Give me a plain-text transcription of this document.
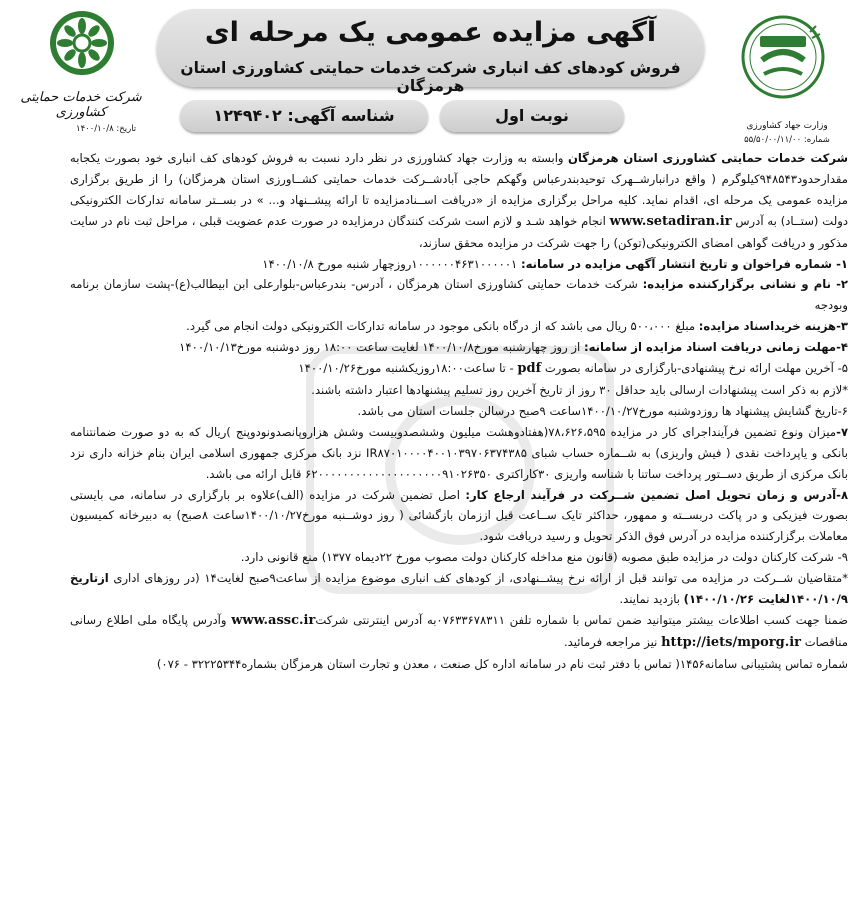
شرکت خدمات حمایتی کشاورزی
تاریخ: ۱۴۰۰/۱۰/۸
آگهی مزایده عمومی یک مرحله ای
فروش کودهای کف انباری شرکت خدمات حمایتی کشاورزی استان هرمزگان
نوبت اول
شناسه آگهی: ۱۲۴۹۴۰۲
وزارت جهاد کشاورزی
شماره: ۵۵/۵۰/۰۰/۱۱/۰۰

شرکت خدمات حمایتی کشاورزی استان هرمزگان وابسته به وزارت جهاد کشاورزی در نظر دارد نسبت به فروش کودهای کف انباری خود بصورت یکجابه مقدارحدود۹۴۸۵۴۳کیلوگرم ( واقع درانبارشــهرک توحیدبندرعباس وگهکم حاجی آبادشــرکت خدمات حمایتی کشــاورزی استان هرمزگان) را از طریق برگزاری مزایده عمومی یک مرحله ای، اقدام نماید. کلیه مراحل برگزاری مزایده از «دریافت اســنادمزایده تا ارائه پیشــنهاد و... » در بســتر سامانه تدارکات الکترونیکی دولت (ستــاد) به آدرس www.setadiran.ir انجام خواهد شـد و لازم است شرکت کنندگان درمزایده در صورت عدم عضویت قبلی ، مراحل ثبت نام در سایت مذکور و دریافت گواهی امضای الکترونیکی(توکن) را جهت شرکت در مزایده محقق سازند،

۱- شماره فراخوان و تاریخ انتشار آگهی مزایده در سامانه: ۱۰۰۰۰۰۰۴۶۳۱۰۰۰۰۰۱روزچهار شنبه مورخ ۱۴۰۰/۱۰/۸

۲- نام و نشانی برگزارکننده مزایده: شرکت خدمات حمایتی کشاورزی استان هرمزگان ، آدرس- بندرعباس-بلوارعلی ابن ابیطالب(ع)-پشت سازمان برنامه وبودجه

۳-هزینه خریداسناد مزایده: مبلغ ۵۰۰،۰۰۰ ریال می باشد که از درگاه بانکی موجود در سامانه تدارکات الکترونیکی دولت انجام می گیرد.

۴-مهلت زمانی دریافت اسناد مزایده از سامانه: از روز چهارشنبه مورخ۱۴۰۰/۱۰/۸ لغایت ساعت ۱۸:۰۰ روز دوشنبه مورخ۱۴۰۰/۱۰/۱۳

۵- آخرین مهلت ارائه نرخ پیشنهادی-بارگزاری در سامانه بصورت pdf - تا ساعت۱۸:۰۰روزیکشنبه مورخ۱۴۰۰/۱۰/۲۶

*لازم به ذکر است پیشنهادات ارسالی باید حداقل ۳۰ روز از تاریخ آخرین روز تسلیم پیشنهادها اعتبار داشته باشند.

۶-تاریخ گشایش پیشنهاد ها روزدوشنبه مورخ۱۴۰۰/۱۰/۲۷ساعت ۹صبح درسالن جلسات استان می باشد.

۷-میزان ونوع تضمین فرآینداجرای کار در مزایده ۷۸،۶۲۶،۵۹۵(هفتادوهشت میلیون وششصدوبیست وشش هزاروپانصدونودوپنج )ریال که به دو صورت ضمانتنامه بانکی و یاپرداخت نقدی ( فیش واریزی) به شــماره حساب شبای IR۸۷۰۱۰۰۰۰۴۰۰۱۰۳۹۷۰۶۳۷۴۳۸۵ نزد بانک مرکزی جمهوری اسلامی ایران بنام خزانه داری نزد بانک مرکزی از طریق دســتور پرداخت ساتنا با شناسه واریزی ۳۰کاراکتری ۶۲۰۰۰۰۰۰۰۰۰۰۰۰۰۰۰۰۰۰۰۰۹۱۰۲۶۳۵۰ قابل ارائه می باشد.

۸-آدرس و زمان تحویل اصل تضمین شــرکت در فرآیند ارجاع کار: اصل تضمین شرکت در مزایده (الف)علاوه بر بارگزاری در سامانه، می بایستی بصورت فیزیکی و در پاکت دربســته و ممهور، حداکثر تایک ســاعت قبل اززمان بازگشائی ( روز دوشــنبه مورخ۱۴۰۰/۱۰/۲۷ساعت ۸صبح) به دبیرخانه کمیسیون معاملات برگزارکننده مزایده در آدرس فوق الذکر تحویل و رسید دریافت شود.

۹- شرکت کارکنان دولت در مزایده طبق مصوبه (قانون منع مداخله کارکنان دولت مصوب مورخ ۲۲دیماه ۱۳۷۷) منع قانونی دارد.

*متقاضیان شــرکت در مزایده می توانند قبل از ارائه نرخ پیشــنهادی، از کودهای کف انباری موضوع مزایده از ساعت۹صبح لغایت۱۴ (در روزهای اداری ازتاریخ ۱۴۰۰/۱۰/۹لغایت ۱۴۰۰/۱۰/۲۶) بازدید نمایند.

ضمنا جهت کسب اطلاعات بیشتر میتوانید ضمن تماس با شماره تلفن ۰۷۶۳۳۶۷۸۳۱۱به آدرس اینترنتی شرکتwww.assc.ir وآدرس پایگاه ملی اطلاع رسانی مناقصات http://iets/mporg.ir نیز مراجعه فرمائید.

شماره تماس پشتیبانی سامانه۱۴۵۶( تماس با دفتر ثبت نام در سامانه اداره کل صنعت ، معدن و تجارت استان هرمزگان بشماره۳۲۲۲۵۳۴۴ - ۰۷۶)
